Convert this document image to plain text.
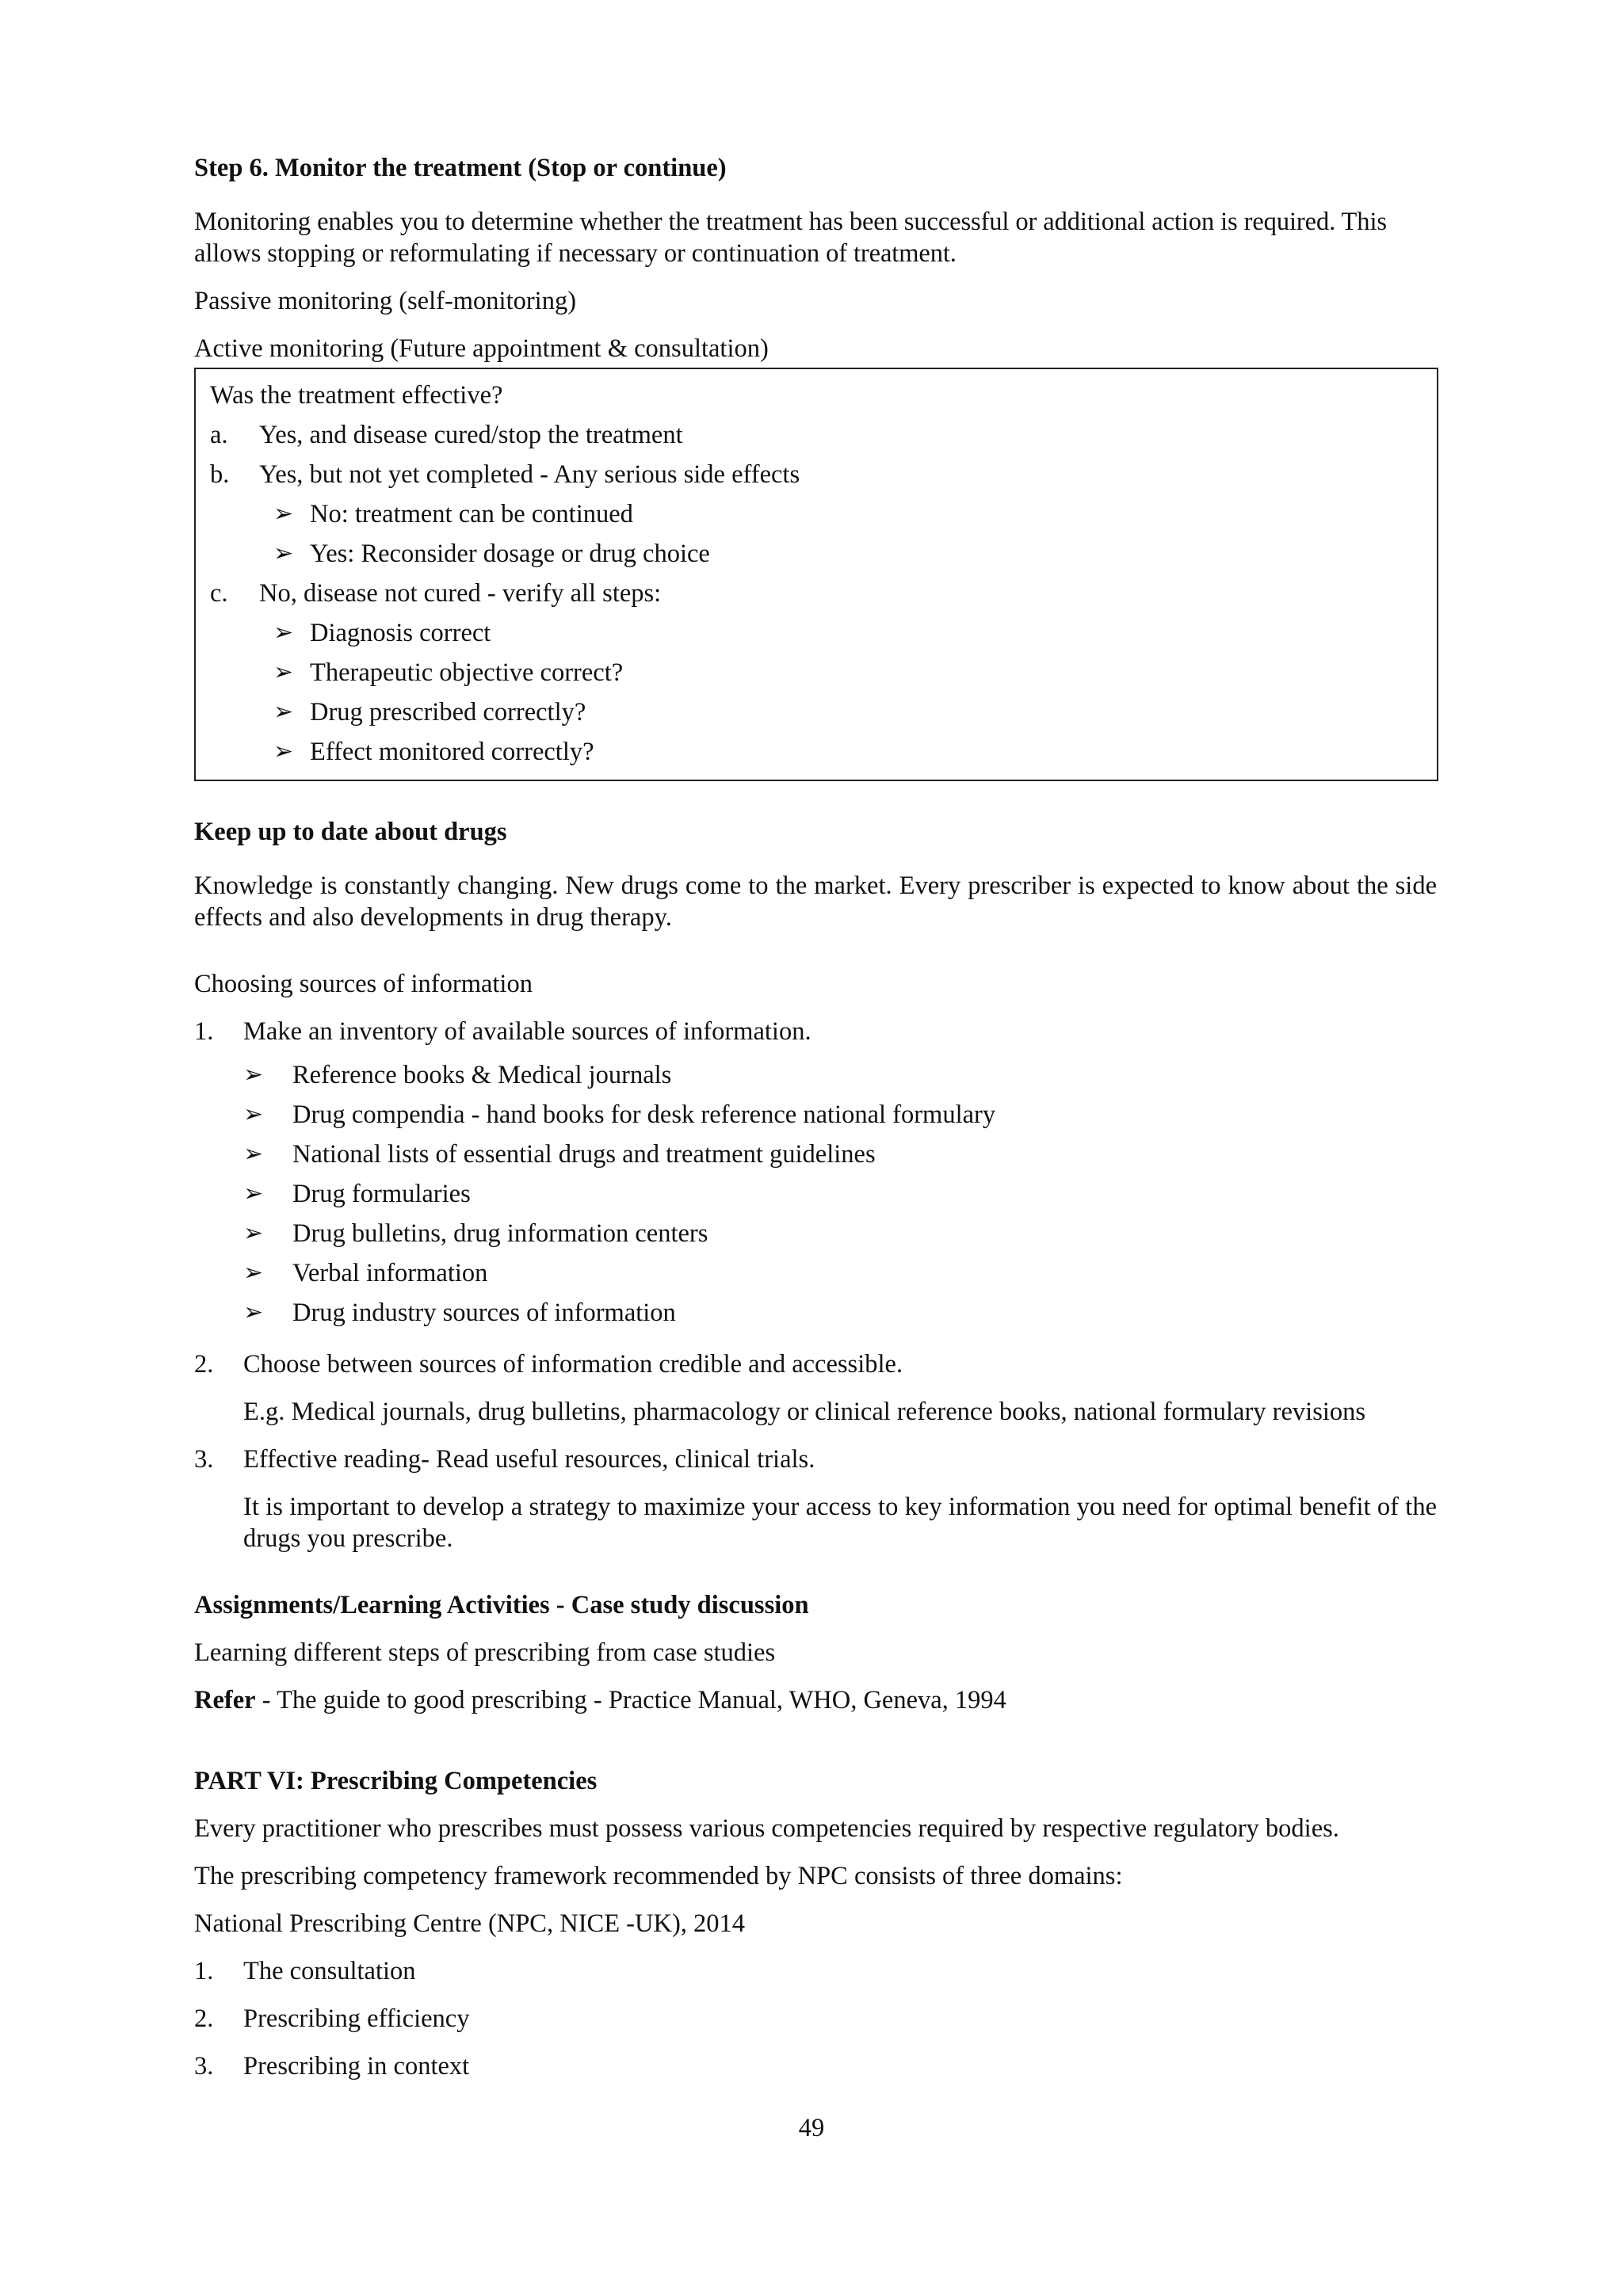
Step 6. Monitor the treatment (Stop or continue)

Monitoring enables you to determine whether the treatment has been successful or additional action is required. This allows stopping or reformulating if necessary or continuation of treatment.

Passive monitoring (self-monitoring)

Active monitoring (Future appointment & consultation)

Was the treatment effective?
a.	Yes, and disease cured/stop the treatment
b.	Yes, but not yet completed - Any serious side effects
➢ No: treatment can be continued
➢ Yes: Reconsider dosage or drug choice
c.	No, disease not cured - verify all steps:
➢ Diagnosis correct
➢ Therapeutic objective correct?
➢ Drug prescribed correctly?
➢ Effect monitored correctly?

Keep up to date about drugs

Knowledge is constantly changing. New drugs come to the market. Every prescriber is expected to know about the side effects and also developments in drug therapy.

Choosing sources of information

1.	Make an inventory of available sources of information.
➢	Reference books & Medical journals
➢	Drug compendia - hand books for desk reference national formulary
➢	National lists of essential drugs and treatment guidelines
➢	Drug formularies
➢	Drug bulletins, drug information centers
➢	Verbal information
➢	Drug industry sources of information
2.	Choose between sources of information credible and accessible.

E.g. Medical journals, drug bulletins, pharmacology or clinical reference books, national formulary revisions

3.	Effective reading- Read useful resources, clinical trials.

It is important to develop a strategy to maximize your access to key information you need for optimal benefit of the drugs you prescribe.

Assignments/Learning Activities - Case study discussion

Learning different steps of prescribing from case studies

Refer - The guide to good prescribing - Practice Manual, WHO, Geneva, 1994

PART VI: Prescribing Competencies

Every practitioner who prescribes must possess various competencies required by respective regulatory bodies.

The prescribing competency framework recommended by NPC consists of three domains:

National Prescribing Centre (NPC, NICE -UK), 2014

1.	The consultation
2.	Prescribing efficiency
3.	Prescribing in context
49
